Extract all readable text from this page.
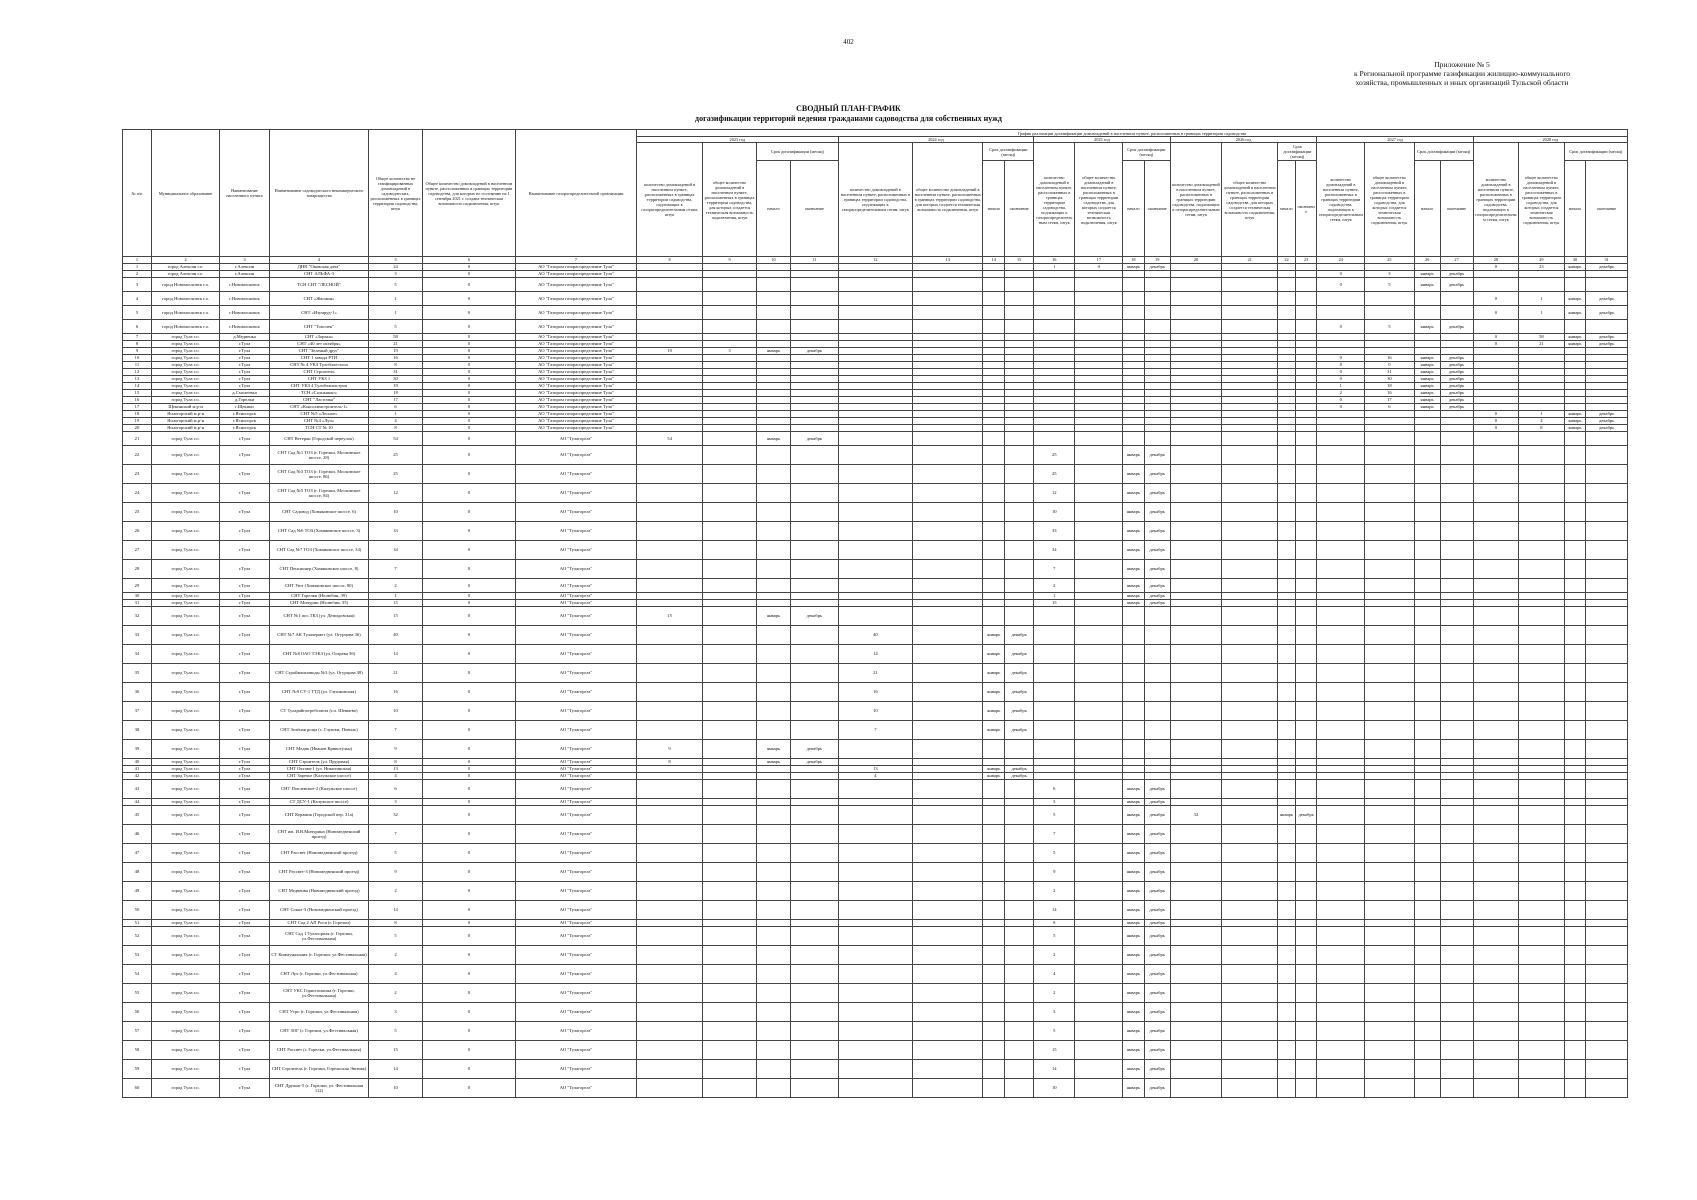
402
Приложение № 5
к Региональной программе газификации жилищно-коммунального
хозяйства, промышленных и иных организаций Тульской области
СВОДНЫЙ ПЛАН-ГРАФИК
догазификации территорий ведения гражданами садоводства для собственных нужд
№ п/п	Муниципальное образование	Наименование населенного пункта	Наименование садоводческого некоммерческого товарищества	Общее количество не газифицированных домовладений в садоводческих, расположенных в границах территории садоводства, штук	Общее количество домовладений в населенном пункте, расположенных в границах территории садоводства, для которых по состоянию на 1 сентября 2021 г. создана техническая возможность подключения, штук	Наименование газораспределительной организации	График реализации догазификации домовладений в населенном пункте, расположенных в границах территории садоводства																							
							2023 год				2024 год				2025 год				2026 год				2027 год				2028 год			
							количество домовладений в населенном пункте, расположенных в границах территории садоводства, подлежащих к газораспределительным сетям, штук	общее количество домовладений в населенном пункте, расположенных в границах территории садоводства, для которых создается техническая возможность подключения, штук	Срок догазификации (месяц)		количество домовладений в населенном пункте, расположенных в границах территории садоводства, подлежащих к газораспределительным сетям, штук	общее количество домовладений в населенном пункте, расположенных в границах территории садоводства, для которых создается техническая возможность подключения, штук	Срок догазификации (месяц)		количество домовладений в населенном пункте, расположенных в границах территории садоводства, подлежащих к газораспределительным сетям, штук	общее количество домовладений в населенном пункте, расположенных в границах территории садоводства, для которых создается техническая возможность подключения, штук	Срок догазификации (месяц)		количество домовладений в населенном пункте, расположенных в границах территории садоводства, подлежащих к газораспределительным сетям, штук	общее количество домовладений в населенном пункте, расположенных в границах территории садоводства, для которых создается техническая возможность подключения, штук	Срок догазификации (месяц)		количество домовладений в населенном пункте, расположенных в границах территории садоводства, подлежащих к газораспределительным сетям, штук	общее количество домовладений в населенном пункте, расположенных в границах территории садоводства, для которых создается техническая возможность подключения, штук	Срок догазификации (месяц)		количество домовладений в населенном пункте, расположенных в границах территории садоводства, подлежащих к газораспределительным сетям, штук	общее количество домовладений в населенном пункте, расположенных в границах территории садоводства, для которых создается техническая возможность подключения, штук	Срок догазификации (месяц)	
									начало	окончание			начало	окончание			начало	окончание			начало	окончание			начало	окончание			начало	окончание
1	2	3	4	5	6	7	8	9	10	11	12	13	14	15	16	17	18	19	20	21	22	23	24	25	26	27	28	29	30	31
1	город Алексин г.о.	г.Алексин	ДНП "Оковская дача"	24	0	АО "Газпром газораспределение Тула"									1	0	январь	декабрь									0	23	январь	декабрь
2	город Алексин г.о.	г.Алексин	СНТ АЛЬФА-3	3	0	АО "Газпром газораспределение Тула"																	0	3	январь	декабрь				
3	город Новомосковск г.о.	г.Новомосковск	ТСН СНТ "ЛЕСНОЙ"	5	0	АО "Газпром газораспределение Тула"																	0	5	январь	декабрь				
4	город Новомосковск г.о.	г.Новомосковск	СНТ «Жасмин»	1	0	АО "Газпром газораспределение Тула"																					0	1	январь	декабрь
5	город Новомосковск г.о.	г.Новомосковск	СНТ «Изумруд-1»	1	0	АО "Газпром газораспределение Тула"																					0	1	январь	декабрь
6	город Новомосковск г.о.	г.Новомосковск	СНТ "Тополек"	5	0	АО "Газпром газораспределение Тула"																	0	5	январь	декабрь				
7	город Тула г.о.	д.Медвенка	СНТ «Зорька»	58	0	АО "Газпром газораспределение Тула"																					0	58	январь	декабрь
8	город Тула г.о.	г.Тула	СНТ «40 лет октября»	21	0	АО "Газпром газораспределение Тула"																					0	21	январь	декабрь
9	город Тула г.о.	г.Тула	СНТ "Зеленый друг"	19	0	АО "Газпром газораспределение Тула"	10	3	январь	декабрь																				
10	город Тула г.о.	г.Тула	СНТ 1 завода РТИ	16	0	АО "Газпром газораспределение Тула"																	0	16	январь	декабрь				
11	город Тула г.о.	г.Тула	СНТ № 4 УКЗ Тулобллесхоза	8	0	АО "Газпром газораспределение Тула"																	8	0	январь	декабрь				
12	город Тула г.о.	г.Тула	СНТ Строитель	31	0	АО "Газпром газораспределение Тула"																	0	31	январь	декабрь				
13	город Тула г.о.	г.Тула	СНТ УКЗ 1	30	0	АО "Газпром газораспределение Тула"																	0	30	январь	декабрь				
14	город Тула г.о.	г.Тула	СНТ УКЗ 4 Тулоблжилстроя	19	0	АО "Газпром газораспределение Тула"																	1	18	январь	декабрь				
15	город Тула г.о.	д.Смолеевка	ТСН «Солнышко»	18	0	АО "Газпром газораспределение Тула"																	2	16	январь	декабрь				
16	город Тула г.о.	д.Горелки	СНТ "Ласточка"	17	0	АО "Газпром газораспределение Тула"																	0	17	январь	декабрь				
17	Щекинский м.р-н	г.Щекино	СНТ «Коксохимстроитель-1»	6	0	АО "Газпром газораспределение Тула"																	0	6	январь	декабрь				
18	Ясногорский м.р-н	г.Ясногорск	СНТ №5 «Лесное»	1	0	АО "Газпром газораспределение Тула"																					0	1	январь	декабрь
19	Ясногорский м.р-н	г.Ясногорск	СНТ №4 «Луч»	4	0	АО "Газпром газораспределение Тула"																					0	4	январь	декабрь
20	Ясногорский м.р-н	г.Ясногорск	ТСН СТ № 10	8	0	АО "Газпром газораспределение Тула"																					0	8	январь	декабрь
21	город Тула г.о.	г.Тула	СНТ Ветеран (Городской переулок)	54	0	АО "Тулагоргаз"	54		январь	декабрь																				
22	город Тула г.о.	г.Тула	СНТ Сад №1 ТОЗ (г. Горелки, Московское шоссе, 28)	25	0	АО "Тулагоргаз"									25		январь	декабрь												
23	город Тула г.о.	г.Тула	СНТ Сад №3 ТОЗ (г. Горелки, Московское шоссе, 86)	25	0	АО "Тулагоргаз"									25		январь	декабрь												
24	город Тула г.о.	г.Тула	СНТ Сад №5 ТОЗ (г. Горелки, Московское шоссе, 84)	12	0	АО "Тулагоргаз"									12		январь	декабрь												
25	город Тула г.о.	г.Тула	СНТ Садовод (Хомяковское шоссе, 6)	10	0	АО "Тулагоргаз"									10		январь	декабрь												
26	город Тула г.о.	г.Тула	СНТ Сад №6 ТОЗ (Хомяковское шоссе, 3)	33	0	АО "Тулагоргаз"									33		январь	декабрь												
27	город Тула г.о.	г.Тула	СНТ Сад №7 ТОЗ (Хомяковское шоссе, 34)	34	0	АО "Тулагоргаз"									34		январь	декабрь												
28	город Тула г.о.	г.Тула	СНТ Пенсионер (Хомяковское шоссе, 8)	7	0	АО "Тулагоргаз"									7		январь	декабрь												
29	город Тула г.о.	г.Тула	СНТ Уют (Хомяковское шоссе, 80)	2	0	АО "Тулагоргаз"									2		январь	декабрь												
30	город Тула г.о.	г.Тула	СНТ Горелки (Нелюбин, 39)	1	0	АО "Тулагоргаз"									1		январь	декабрь												
31	город Тула г.о.	г.Тула	СНТ Мичурин (Нелюбин, 35)	15	0	АО "Тулагоргаз"									15		январь	декабрь												
32	город Тула г.о.	г.Тула	СНТ №1 пос.ТКЗ (ул. Демидовская)	15	0	АО "Тулагоргаз"	15		январь	декабрь																				
33	город Тула г.о.	г.Тула	СНТ №7 АК Тулачермет (ул. Огурцова 36)	40	0	АО "Тулагоргаз"					40		январь	декабрь																
34	город Тула г.о.	г.Тула	СНТ №8 ОАО ТЭКЗ (ул. Огарева 36)	14	0	АО "Тулагоргаз"					14		январь	декабрь																
35	город Тула г.о.	г.Тула	СНТ Строймашзаводы №3 (ул. Огурцова 38)	21	0	АО "Тулагоргаз"					21		январь	декабрь																
36	город Тула г.о.	г.Тула	СНТ №9 СУ-1 ТТД (ул. Глушковская)	16	0	АО "Тулагоргаз"					16		январь	декабрь																
37	город Тула г.о.	г.Тула	СТ Туларайпотребсоюза (г.п. Шевнево)	10	0	АО "Тулагоргаз"					10		январь	декабрь																
38	город Тула г.о.	г.Тула	СНТ Зелёная роща (с. Глушки, Повиль)	7	0	АО "Тулагоргаз"					7		январь	декабрь																
39	город Тула г.о.	г.Тула	СНТ Медик (Иванов Кривогульн)	9	0	АО "Тулагоргаз"	9		январь	декабрь																				
40	город Тула г.о.	г.Тула	СНТ Строитель (ул. Прудовая)	8	0	АО "Тулагоргаз"	8		январь	декабрь																				
41	город Тула г.о.	г.Тула	СНТ Октава-1 (ул. Никитинская)	13	0	АО "Тулагоргаз"					13		январь	декабрь																
42	город Тула г.о.	г.Тула	СНТ Заречье (Калужское шоссе)	4	0	АО "Тулагоргаз"					4		январь	декабрь																
43	город Тула г.о.	г.Тула	СНТ Поплевское-2 (Калужское шоссе)	6	0	АО "Тулагоргаз"									6		январь	декабрь												
44	город Тула г.о.	г.Тула	СТ ДСУ-1 (Калужское шоссе)	3	0	АО "Тулагоргаз"									3		январь	декабрь												
45	город Тула г.о.	г.Тула	СНТ Керамик (Городской пер. 31а)	32	0	АО "Тулагоргаз"									5		январь	декабрь	32		январь	декабрь								
46	город Тула г.о.	г.Тула	СНТ им. И.В.Мичурина (Новомедвенский проезд)	7	0	АО "Тулагоргаз"									7		январь	декабрь												
47	город Тула г.о.	г.Тула	СНТ Рассвет (Новомедвенский проезд)	5	0	АО "Тулагоргаз"									5		январь	декабрь												
48	город Тула г.о.	г.Тула	СНТ Рассвет-3 (Новомедвенский проезд)	9	0	АО "Тулагоргаз"									9		январь	декабрь												
49	город Тула г.о.	г.Тула	СНТ Медвенка (Новомедвенский проезд)	2	0	АО "Тулагоргаз"									2		январь	декабрь												
50	город Тула г.о.	г.Тула	СНТ Сокол-3 (Новомедвенский проезд)	14	0	АО "Тулагоргаз"									14		январь	декабрь												
51	город Тула г.о.	г.Тула	СНТ Сад 2 АП Рося (г. Горелки)	8	0	АО "Тулагоргаз"									8		январь	декабрь												
52	город Тула г.о.	г.Тула	СНТ Сад 1 Тулагорпая (г. Горелки, ул.Фестивальная)	5	0	АО "Тулагоргаз"									5		январь	декабрь												
53	город Тула г.о.	г.Тула	СТ Коммунальник (г. Горелки, ул.Фестивальная)	2	0	АО "Тулагоргаз"									2		январь	декабрь												
54	город Тула г.о.	г.Тула	СНТ Луч (г. Горелки, ул.Фестивальная)	4	0	АО "Тулагоргаз"									4		январь	декабрь												
55	город Тула г.о.	г.Тула	СНТ УКС Горисполкома (г. Горелки, ул.Фестивальная)	2	0	АО "Тулагоргаз"									2		январь	декабрь												
56	город Тула г.о.	г.Тула	СНТ Утро (г. Горелки, ул.Фестивальная)	3	0	АО "Тулагоргаз"									3		январь	декабрь												
57	город Тула г.о.	г.Тула	СНТ ЗОГ (г. Горелки, ул.Фестивальная)	5	0	АО "Тулагоргаз"									5		январь	декабрь												
58	город Тула г.о.	г.Тула	СНТ Рассвет (г. Горелки, ул.Фестивальная)	15	0	АО "Тулагоргаз"									15		январь	декабрь												
59	город Тула г.о.	г.Тула	СНТ Строитель (г. Горелки, Горельская Эвгюяк)	14	0	АО "Тулагоргаз"									14		январь	декабрь												
60	город Тула г.о.	г.Тула	СНТ Дружок-5 (г. Горелки, ул. Фестивальная 112)	10	0	АО "Тулагоргаз"									10		январь	декабрь												
